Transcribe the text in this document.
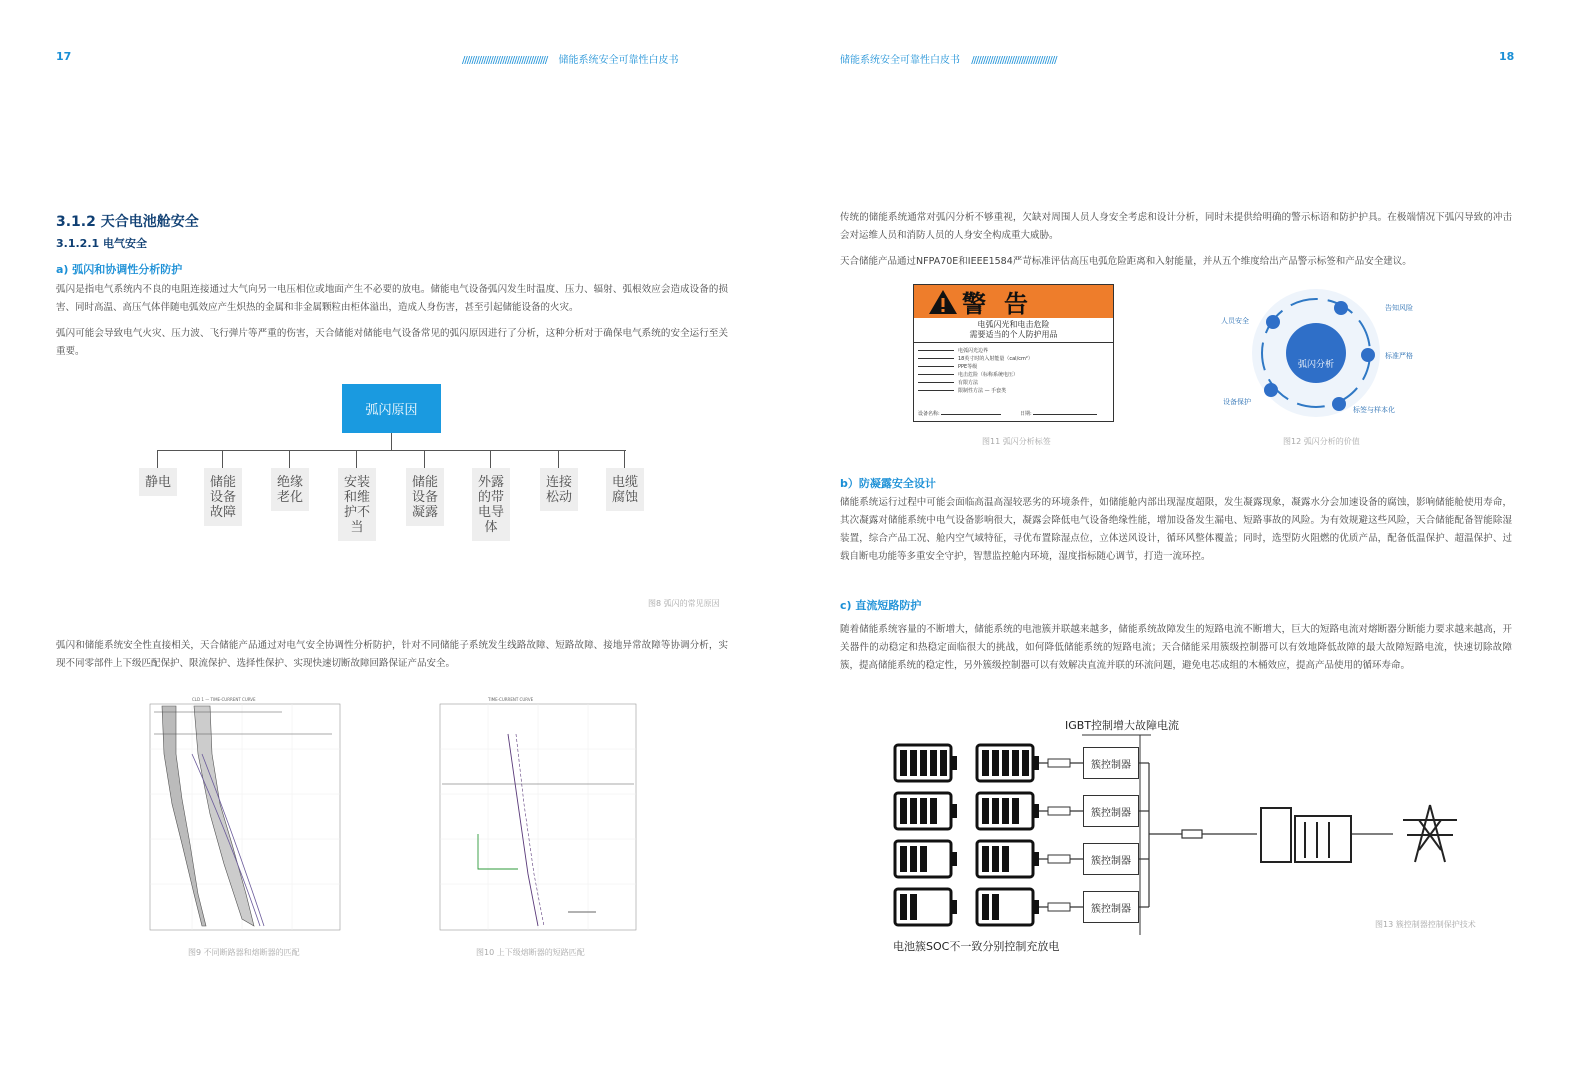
17	//////////////////////////////////// 储能系统安全可靠性白皮书	储能系统安全可靠性白皮书 ////////////////////////////////////	18
3.1.2 天合电池舱安全
3.1.2.1 电气安全
a) 弧闪和协调性分析防护
弧闪是指电气系统内不良的电阻连接通过大气向另一电压相位或地面产生不必要的放电。储能电气设备弧闪发生时温度、压力、辐射、弧根效应会造成设备的损害、同时高温、高压气体伴随电弧效应产生炽热的金属和非金属颗粒由柜体溢出，造成人身伤害，甚至引起储能设备的火灾。
弧闪可能会导致电气火灾、压力波、飞行弹片等严重的伤害，天合储能对储能电气设备常见的弧闪原因进行了分析，这种分析对于确保电气系统的安全运行至关重要。
弧闪原因
静电	储能设备故障
绝缘老化
安装和维护不当
储能设备凝露
外露的带电导体
连接松动
电缆腐蚀
图8 弧闪的常见原因
弧闪和储能系统安全性直接相关，天合储能产品通过对电气安全协调性分析防护，针对不同储能子系统发生线路故障、短路故障、接地异常故障等协调分析，实现不同零部件上下级匹配保护、限流保护、选择性保护、实现快速切断故障回路保证产品安全。
CLD 1 — TIME-CURRENT CURVE
图9 不同断路器和熔断器的匹配
TIME-CURRENT CURVE
图10 上下级熔断器的短路匹配
传统的储能系统通常对弧闪分析不够重视，欠缺对周围人员人身安全考虑和设计分析，同时未提供给明确的警示标语和防护护具。在极端情况下弧闪导致的冲击会对运维人员和消防人员的人身安全构成重大威胁。
天合储能产品通过NFPA70E和IEEE1584严苛标准评估高压电弧危险距离和入射能量，并从五个维度给出产品警示标签和产品安全建议。
警告
电弧闪光和电击危险
需要适当的个人防护用品
电弧闪光边界
18英寸时的入射能量（cal/cm²）
PPE等级
电击危险（标称系统电压）
有限方法
限制性方法 — 手套类
设备名称:	日期:
图11 弧闪分析标签
弧闪分析
人员安全
告知风险
标准严格
标签与样本化
设备保护
图12 弧闪分析的价值
b）防凝露安全设计
储能系统运行过程中可能会面临高温高湿较恶劣的环境条件，如储能舱内部出现湿度超限，发生凝露现象，凝露水分会加速设备的腐蚀，影响储能舱使用寿命，其次凝露对储能系统中电气设备影响很大，凝露会降低电气设备绝缘性能，增加设备发生漏电、短路事故的风险。为有效规避这些风险，天合储能配备智能除湿装置，综合产品工况、舱内空气域特征，寻优布置除湿点位，立体送风设计，循环风整体覆盖；同时，选型防火阻燃的优质产品，配备低温保护、超温保护、过载自断电功能等多重安全守护，智慧监控舱内环境，湿度指标随心调节，打造一流环控。
c) 直流短路防护
随着储能系统容量的不断增大，储能系统的电池簇并联越来越多，储能系统故障发生的短路电流不断增大，巨大的短路电流对熔断器分断能力要求越来越高，开关器件的动稳定和热稳定面临很大的挑战，如何降低储能系统的短路电流；天合储能采用簇级控制器可以有效地降低故障的最大故障短路电流，快速切除故障簇，提高储能系统的稳定性，另外簇级控制器可以有效解决直流并联的环流问题，避免电芯成组的木桶效应，提高产品使用的循环寿命。
IGBT控制增大故障电流
簇控制器
簇控制器
簇控制器
簇控制器
电池簇SOC不一致分别控制充放电
图13 簇控制器控制保护技术
